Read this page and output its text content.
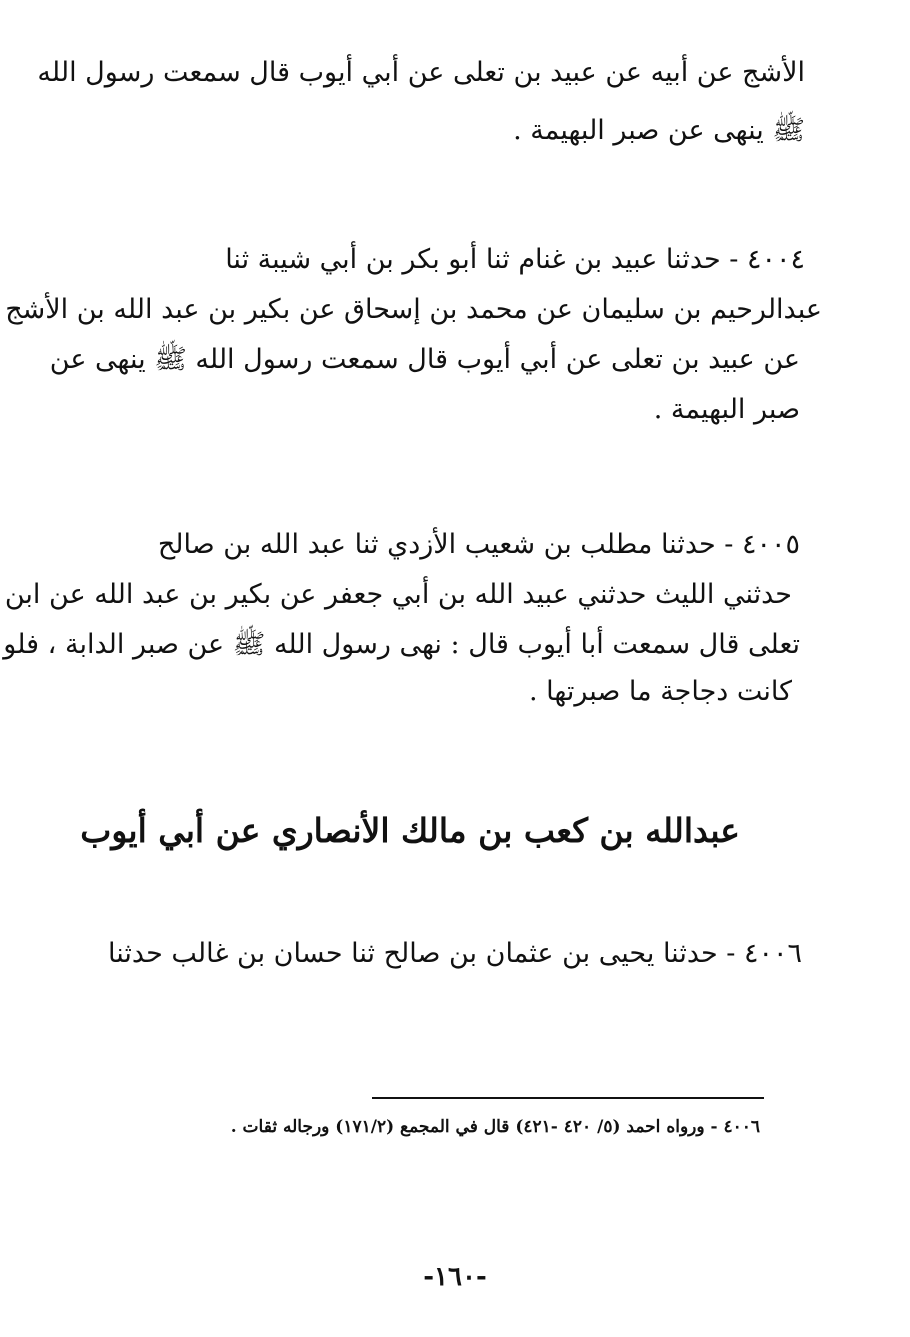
الأشج عن أبيه عن عبيد بن تعلى عن أبي أيوب قال سمعت رسول الله
ﷺ ينهى عن صبر البهيمة .
٤٠٠٤ - حدثنا عبيد بن غنام ثنا أبو بكر بن أبي شيبة ثنا
عبدالرحيم بن سليمان عن محمد بن إسحاق عن بكير بن عبد الله بن الأشج
عن عبيد بن تعلى عن أبي أيوب قال سمعت رسول الله ﷺ ينهى عن
صبر البهيمة .
٤٠٠٥ - حدثنا مطلب بن شعيب الأزدي ثنا عبد الله بن صالح
حدثني الليث حدثني عبيد الله بن أبي جعفر عن بكير بن عبد الله عن ابن
تعلى قال سمعت أبا أيوب قال : نهى رسول الله ﷺ عن صبر الدابة ، فلو
كانت دجاجة ما صبرتها .
عبدالله بن كعب بن مالك الأنصاري عن أبي أيوب
٤٠٠٦ - حدثنا يحيى بن عثمان بن صالح ثنا حسان بن غالب حدثنا
٤٠٠٦ - ورواه احمد (٥/ ٤٢٠ -٤٢١) قال في المجمع (١٧١/٢) ورجاله ثقات .
-١٦٠-
